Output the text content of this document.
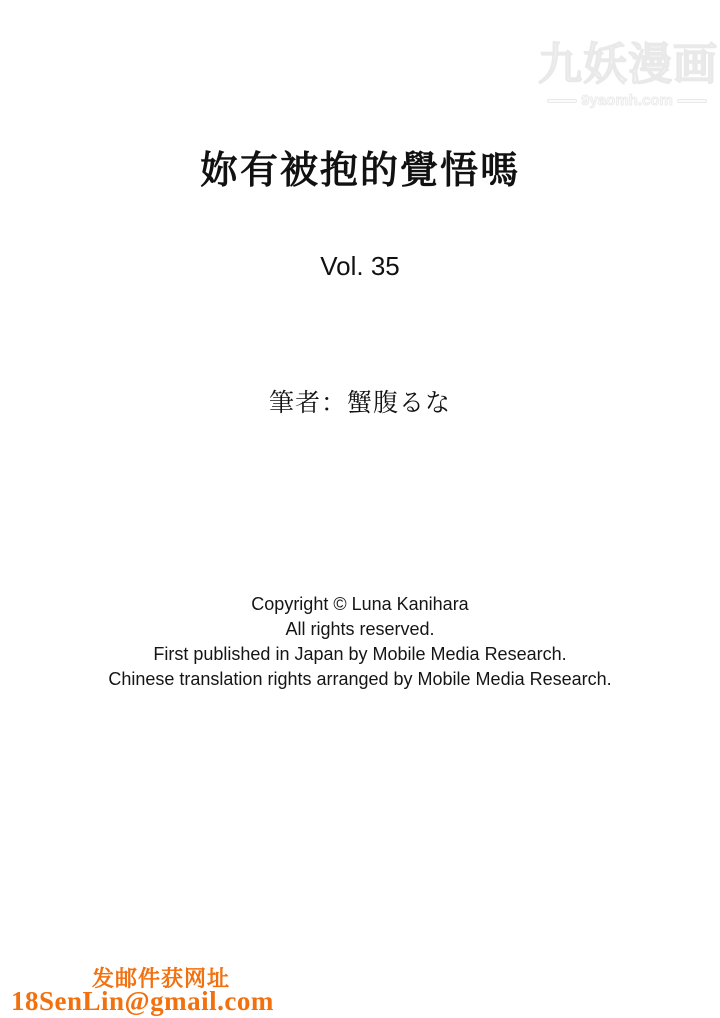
九妖漫画
9yaomh.com
妳有被抱的覺悟嗎
Vol. 35
筆者：蟹腹るな
Copyright © Luna Kanihara
All rights reserved.
First published in Japan by Mobile Media Research.
Chinese translation rights arranged by Mobile Media Research.
发邮件获网址
18SenLin@gmail.com
